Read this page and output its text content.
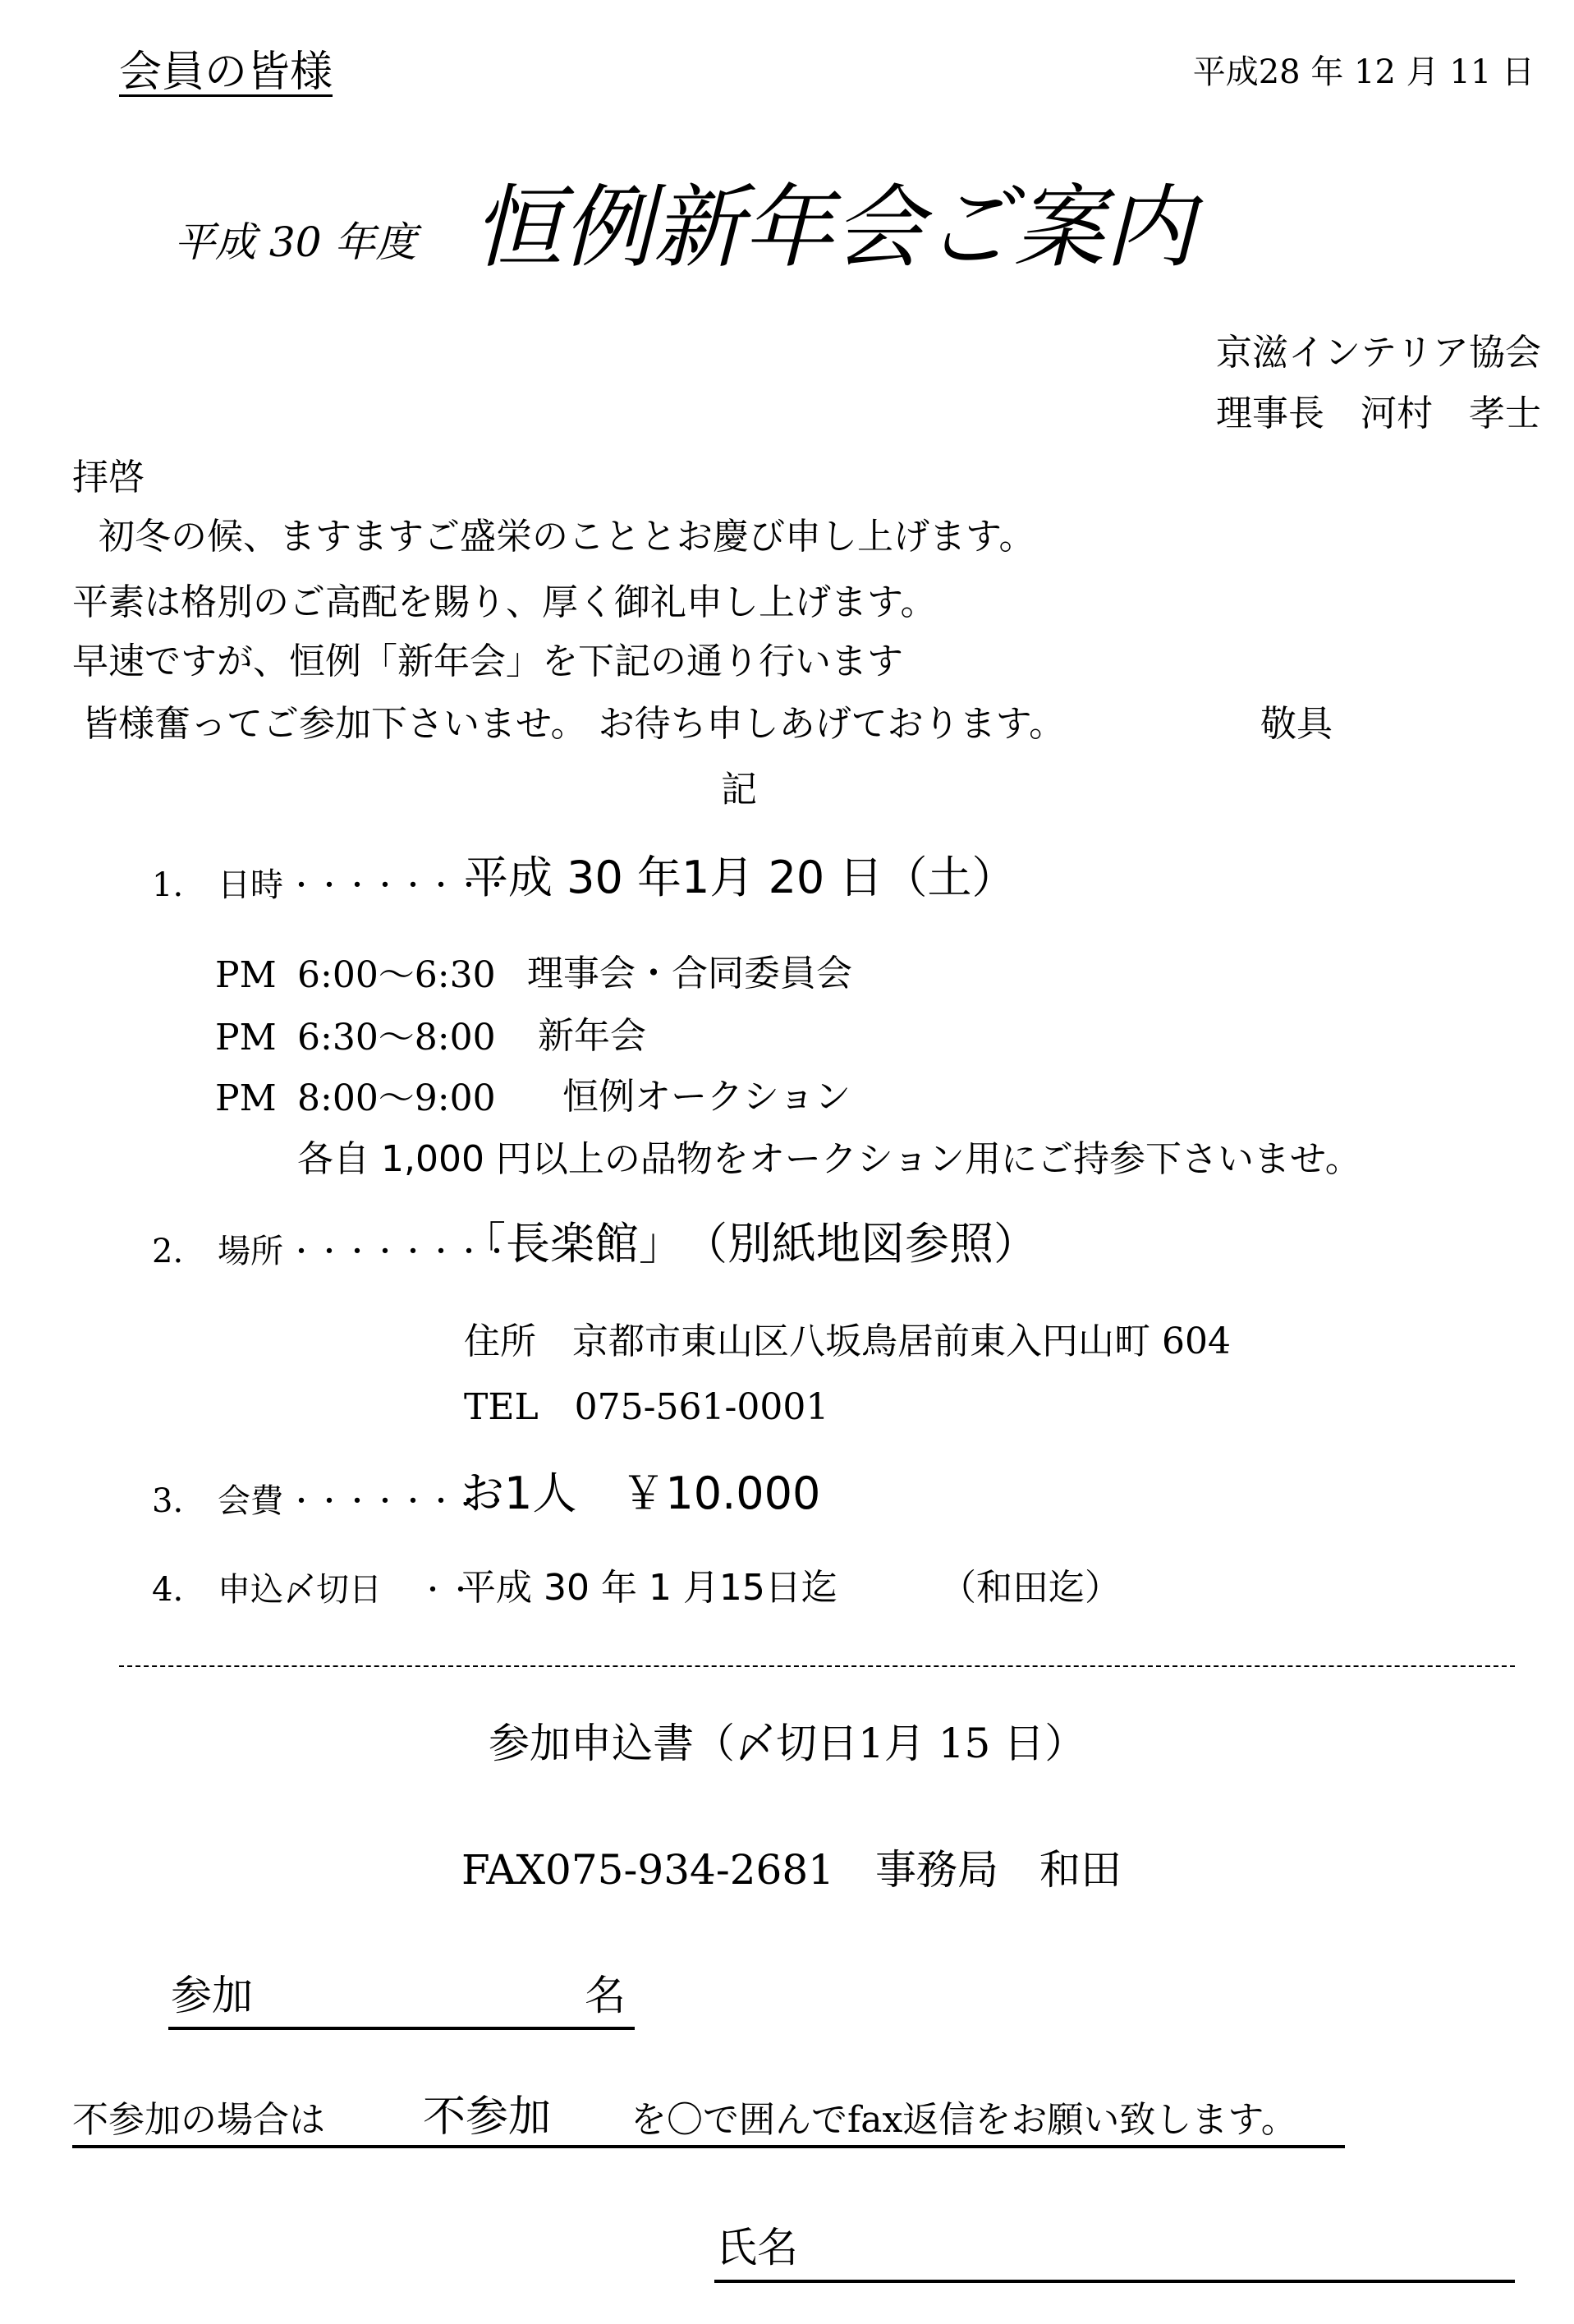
会員の皆様	平成28 年 12 月 11 日
平成 30 年度 恒例新年会ご案内
京滋インテリア協会
理事長　河村　孝士
拝啓
初冬の候、ますますご盛栄のこととお慶び申し上げます。
平素は格別のご高配を賜り、厚く御礼申し上げます。
早速ですが、恒例「新年会」を下記の通り行います
皆様奮ってご参加下さいませ。 お待ち申しあげております。	敬具
記
1. 日時 ・・・・・・・・
平成 30 年1月 20 日（土）
PM 6:00～6:30 理事会・合同委員会
PM 6:30～8:00 新年会
PM 8:00～9:00 恒例オークション
各自 1,000 円以上の品物をオークション用にご持参下さいませ。
2. 場所 ・・・・・・・・
「長楽館」　（別紙地図参照）
住所　京都市東山区八坂鳥居前東入円山町 604
TEL　075-561-0001
3. 会費 ・・・・・・・・
お1人　￥10.000
4. 申込〆切日 ・・
平成 30 年 1 月15日迄	（和田迄）
参加申込書（〆切日1月 15 日）
FAX075-934-2681　事務局　和田
参加	名
不参加の場合は 不参加 を〇で囲んでfax返信をお願い致します。
氏名
